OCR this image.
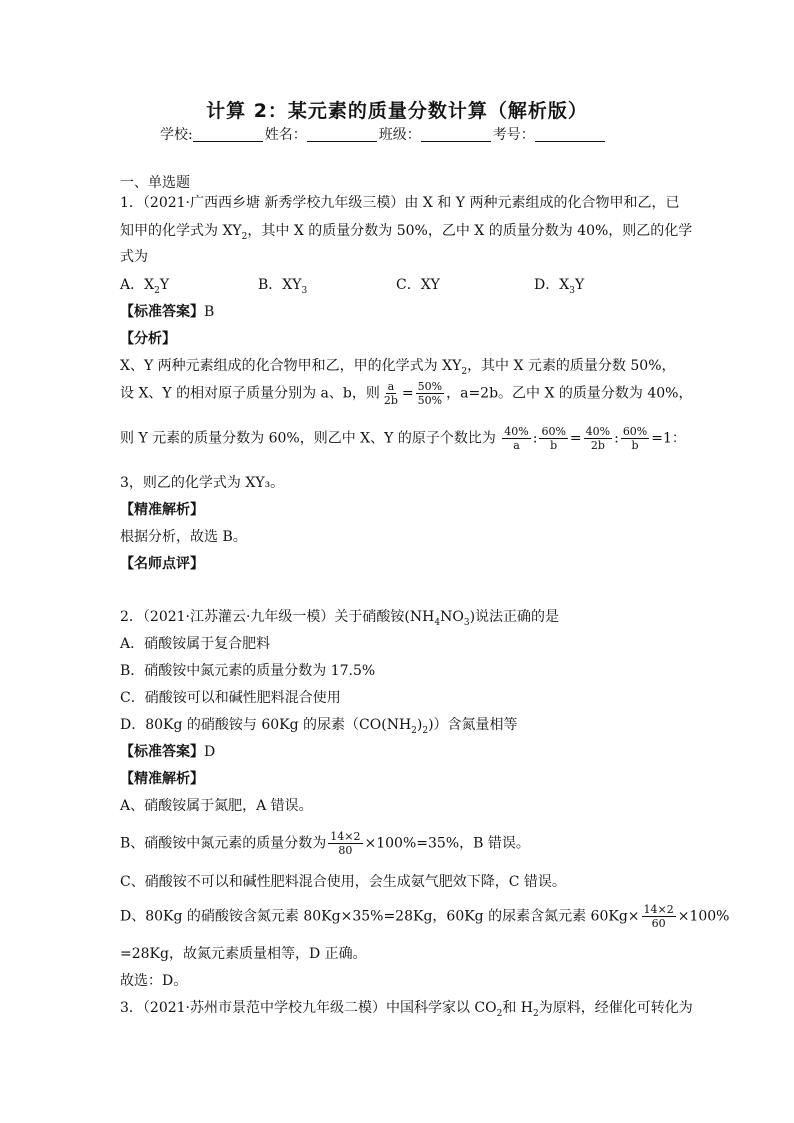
计算 2：某元素的质量分数计算（解析版）
学校:	姓名：	班级：	考号：
一、单选题
1．（2021·广西西乡塘 新秀学校九年级三模）由 X 和 Y 两种元素组成的化合物甲和乙，已
知甲的化学式为 $XY_2$，其中 X 的质量分数为 50%，乙中 X 的质量分数为 40%，则乙的化学
式为
A．$X_2Y$	B．$XY_3$	C．XY	D．$X_3Y$
【标准答案】B
【分析】
X、Y 两种元素组成的化合物甲和乙，甲的化学式为 $XY_2$，其中 X 元素的质量分数 50%，
设 X、Y 的相对原子质量分别为 a、b，则 $\frac{a}{2b} = \frac{50\%}{50\%}$ ，a=2b。乙中 X 的质量分数为 40%，
则 Y 元素的质量分数为 60%，则乙中 X、Y 的原子个数比为 $\frac{40\%}{a}$ : $\frac{60\%}{b} = \frac{40\%}{2b}$ : $\frac{60\%}{b} =1$：
3，则乙的化学式为 XY₃。
【精准解析】
根据分析，故选 B。
【名师点评】
2．（2021·江苏灌云·九年级一模）关于硝酸铵$(NH_4NO_3)$说法正确的是
A．硝酸铵属于复合肥料
B．硝酸铵中氮元素的质量分数为 17.5%
C．硝酸铵可以和碱性肥料混合使用
D．80Kg 的硝酸铵与 60Kg 的尿素$(CO(NH_2)_2)$）含氮量相等
【标准答案】D
【精准解析】
A、硝酸铵属于氮肥，A 错误。
B、硝酸铵中氮元素的质量分数为 $\frac{14\times 2}{80} \times 100\%=35\%$，B 错误。
C、硝酸铵不可以和碱性肥料混合使用，会生成氨气肥效下降，C 错误。
D、80Kg 的硝酸铵含氮元素 80Kg×35%=28Kg，60Kg 的尿素含氮元素 $60Kg\times \frac{14\times 2}{60} \times 100\%$
=28Kg，故氮元素质量相等，D 正确。
故选：D。
3．（2021·苏州市景范中学校九年级二模）中国科学家以 $CO_2$和 $H_2$为原料，经催化可转化为
